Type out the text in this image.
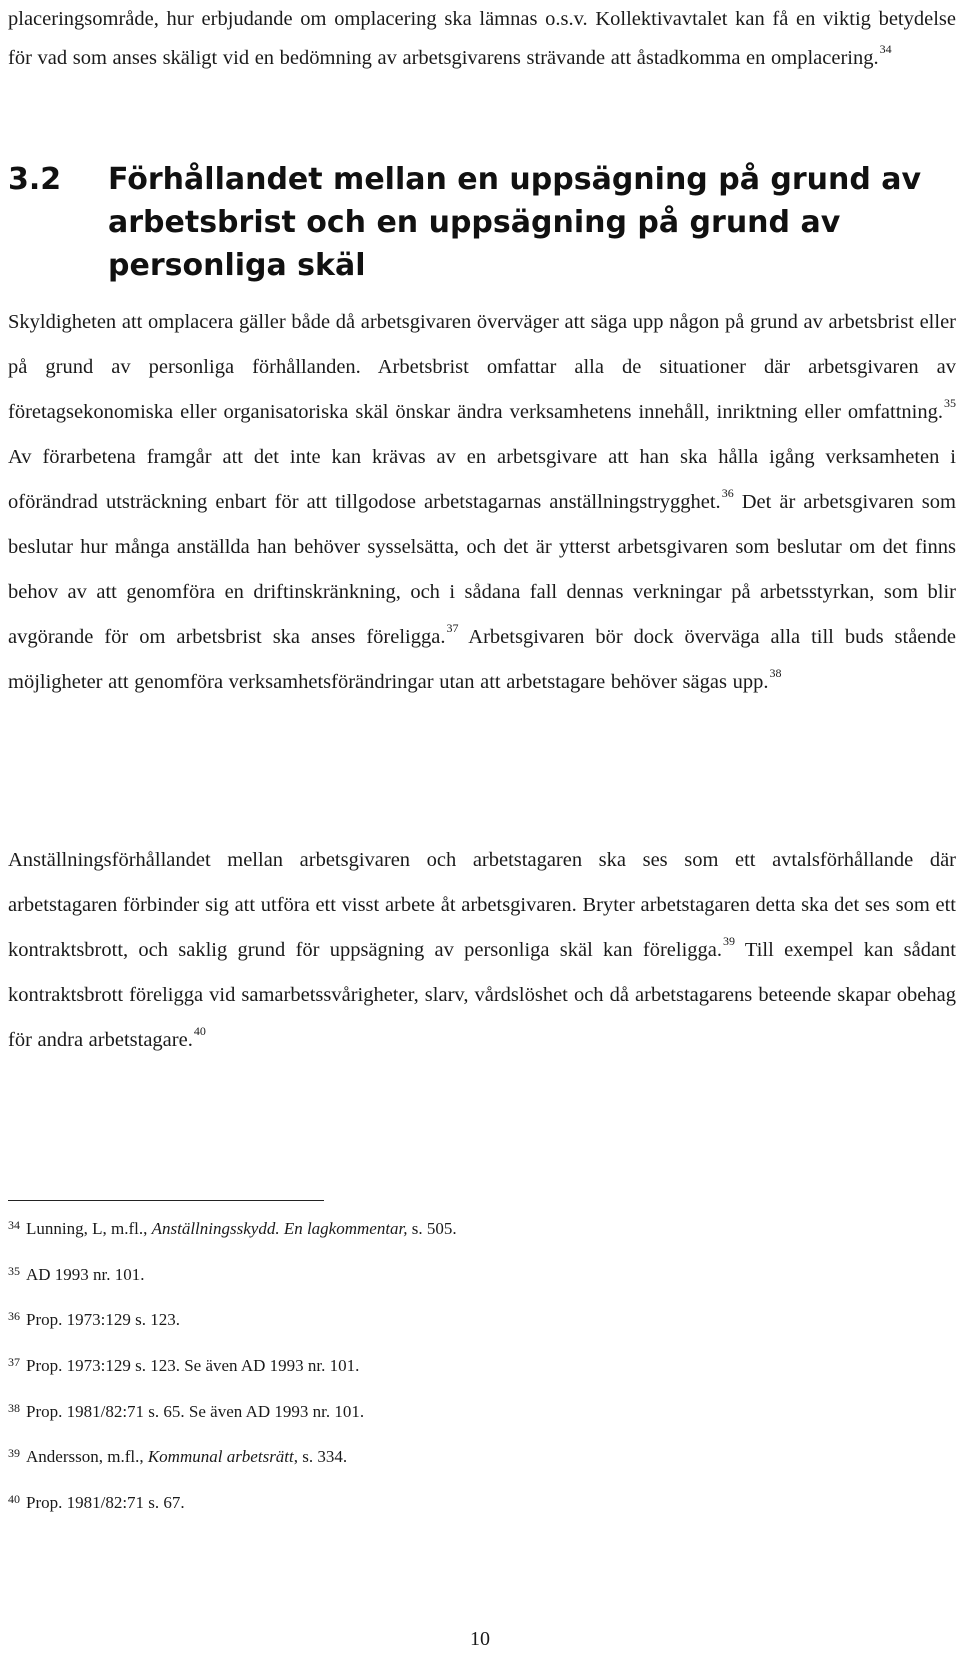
placeringsområde, hur erbjudande om omplacering ska lämnas o.s.v. Kollektivavtalet kan få en viktig betydelse för vad som anses skäligt vid en bedömning av arbetsgivarens strävande att åstadkomma en omplacering.$^{34}$

3.2 Förhållandet mellan en uppsägning på grund av
arbetsbrist och en uppsägning på grund av
personliga skäl

Skyldigheten att omplacera gäller både då arbetsgivaren överväger att säga upp någon på grund av arbetsbrist eller på grund av personliga förhållanden. Arbetsbrist omfattar alla de situationer där arbetsgivaren av företagsekonomiska eller organisatoriska skäl önskar ändra verksamhetens innehåll, inriktning eller omfattning.$^{35}$ Av förarbetena framgår att det inte kan krävas av en arbetsgivare att han ska hålla igång verksamheten i oförändrad utsträckning enbart för att tillgodose arbetstagarnas anställningstrygghet.$^{36}$ Det är arbetsgivaren som beslutar hur många anställda han behöver sysselsätta, och det är ytterst arbetsgivaren som beslutar om det finns behov av att genomföra en driftinskränkning, och i sådana fall dennas verkningar på arbetsstyrkan, som blir avgörande för om arbetsbrist ska anses föreligga.$^{37}$ Arbetsgivaren bör dock överväga alla till buds stående möjligheter att genomföra verksamhetsförändringar utan att arbetstagare behöver sägas upp.$^{38}$

Anställningsförhållandet mellan arbetsgivaren och arbetstagaren ska ses som ett avtalsförhållande där arbetstagaren förbinder sig att utföra ett visst arbete åt arbetsgivaren. Bryter arbetstagaren detta ska det ses som ett kontraktsbrott, och saklig grund för uppsägning av personliga skäl kan föreligga.$^{39}$ Till exempel kan sådant kontraktsbrott föreligga vid samarbetssvårigheter, slarv, vårdslöshet och då arbetstagarens beteende skapar obehag för andra arbetstagare.$^{40}$

$^{34}$ Lunning, L, m.fl., Anställningsskydd. En lagkommentar, s. 505.
$^{35}$ AD 1993 nr. 101.
$^{36}$ Prop. 1973:129 s. 123.
$^{37}$ Prop. 1973:129 s. 123. Se även AD 1993 nr. 101.
$^{38}$ Prop. 1981/82:71 s. 65. Se även AD 1993 nr. 101.
$^{39}$ Andersson, m.fl., Kommunal arbetsrätt, s. 334.
$^{40}$ Prop. 1981/82:71 s. 67.
10
